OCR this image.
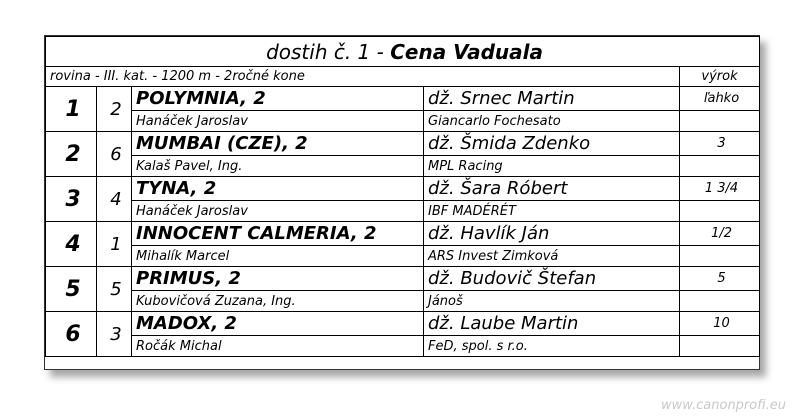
dostih č. 1 - Cena Vaduala				
rovina - III. kat. - 1200 m - 2ročné kone				výrok
1	2	POLYMNIA, 2	dž. Srnec Martin	ľahko
		Hanáček Jaroslav	Giancarlo Fochesato	
2	6	MUMBAI (CZE), 2	dž. Šmida Zdenko	3
		Kalaš Pavel, Ing.	MPL Racing	
3	4	TYNA, 2	dž. Šara Róbert	1 3/4
		Hanáček Jaroslav	IBF MADÉRÉT	
4	1	INNOCENT CALMERIA, 2	dž. Havlík Ján	1/2
		Mihalík Marcel	ARS Invest Zimková	
5	5	PRIMUS, 2	dž. Budovič Štefan	5
		Kubovičová Zuzana, Ing.	Jánoš	
6	3	MADOX, 2	dž. Laube Martin	10
		Ročák Michal	FeD, spol. s r.o.	
www.canonprofi.eu
